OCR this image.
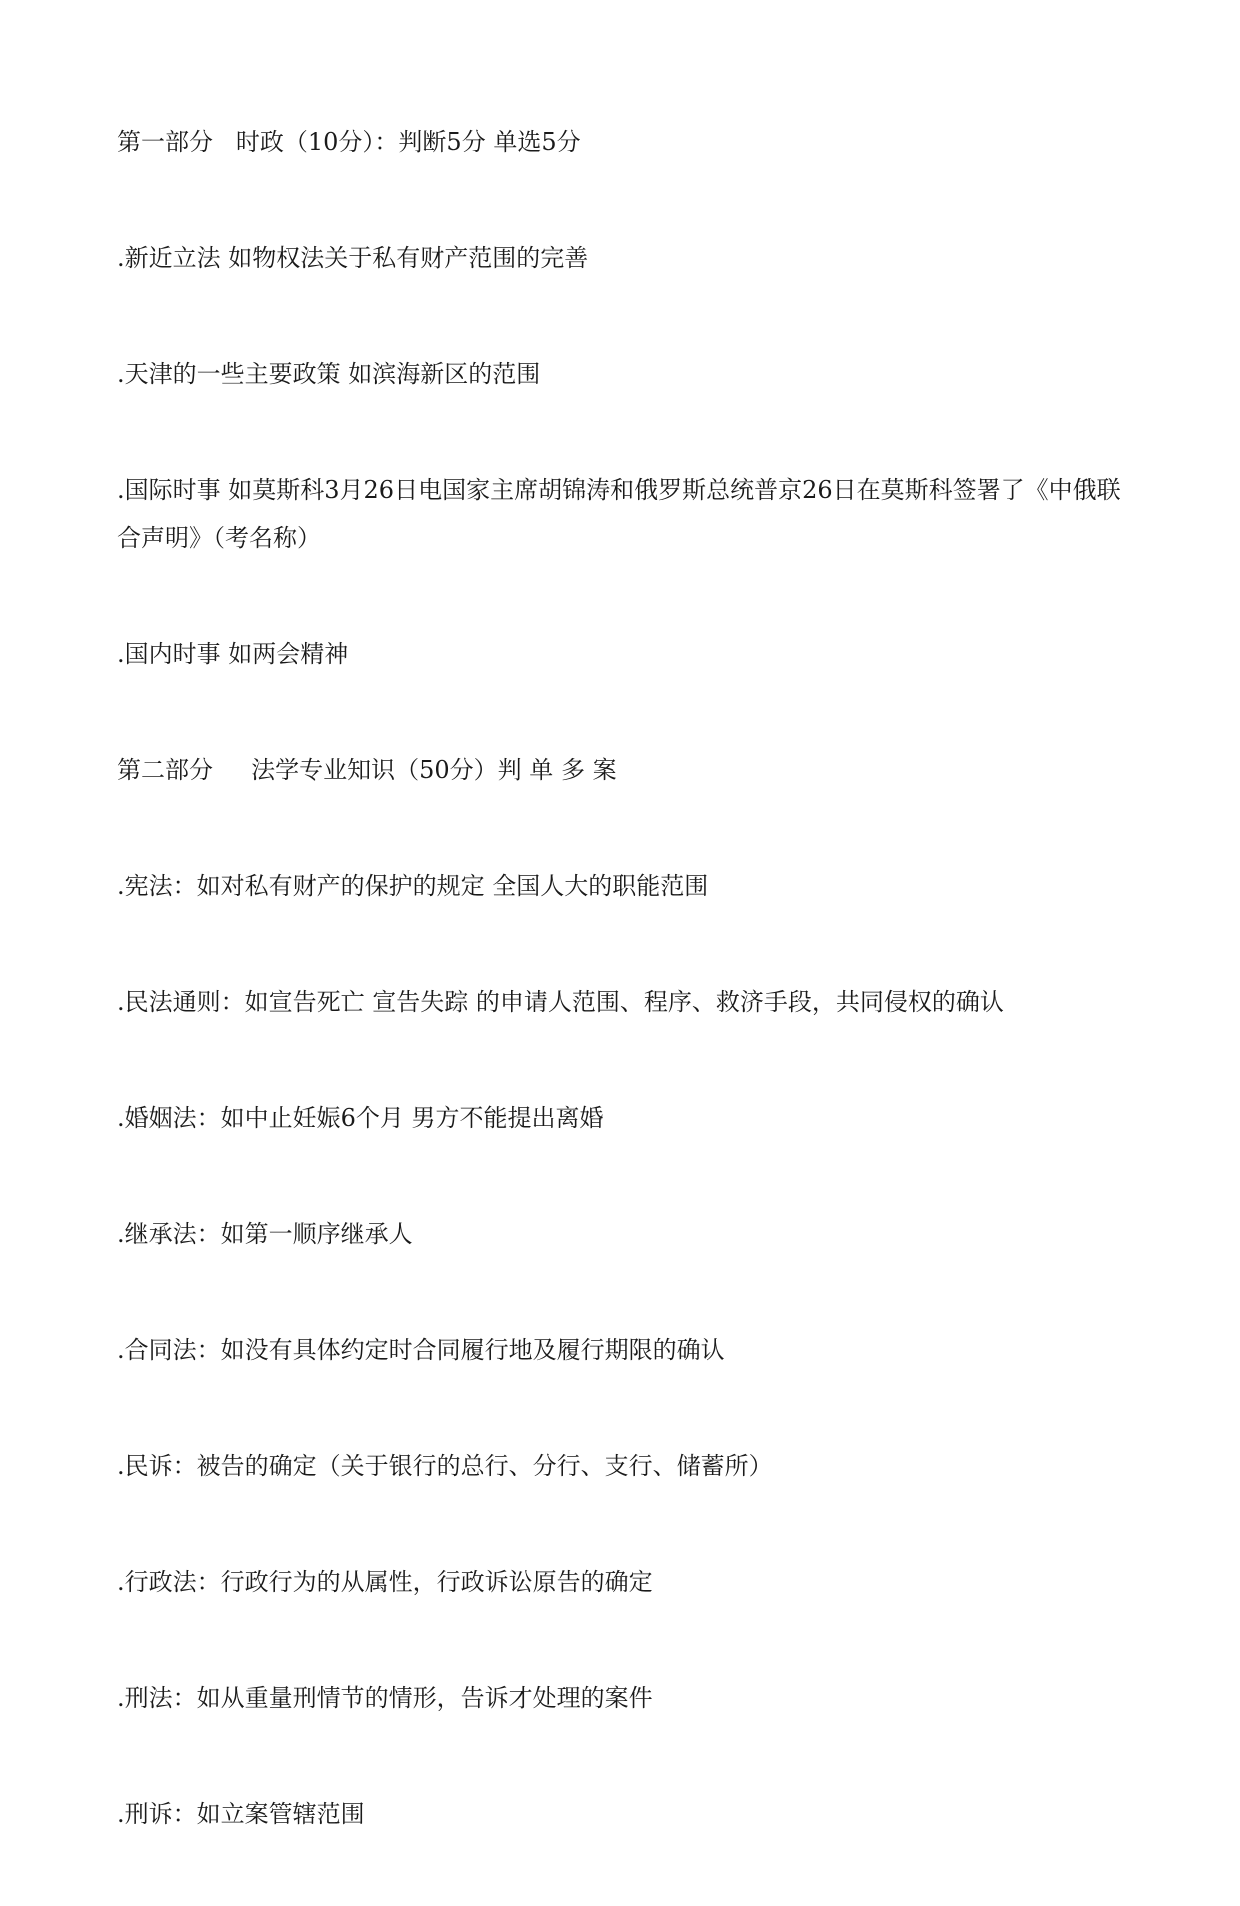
第一部分   时政（10分）：判断5分 单选5分

.新近立法 如物权法关于私有财产范围的完善

.天津的一些主要政策 如滨海新区的范围

.国际时事 如莫斯科3月26日电国家主席胡锦涛和俄罗斯总统普京26日在莫斯科签署了《中俄联合声明》（考名称）

.国内时事 如两会精神

第二部分     法学专业知识（50分）判 单 多 案

.宪法：如对私有财产的保护的规定 全国人大的职能范围

.民法通则：如宣告死亡 宣告失踪 的申请人范围、程序、救济手段，共同侵权的确认

.婚姻法：如中止妊娠6个月 男方不能提出离婚

.继承法：如第一顺序继承人

.合同法：如没有具体约定时合同履行地及履行期限的确认

.民诉：被告的确定（关于银行的总行、分行、支行、储蓄所）

.行政法：行政行为的从属性，行政诉讼原告的确定

.刑法：如从重量刑情节的情形，告诉才处理的案件

.刑诉：如立案管辖范围
